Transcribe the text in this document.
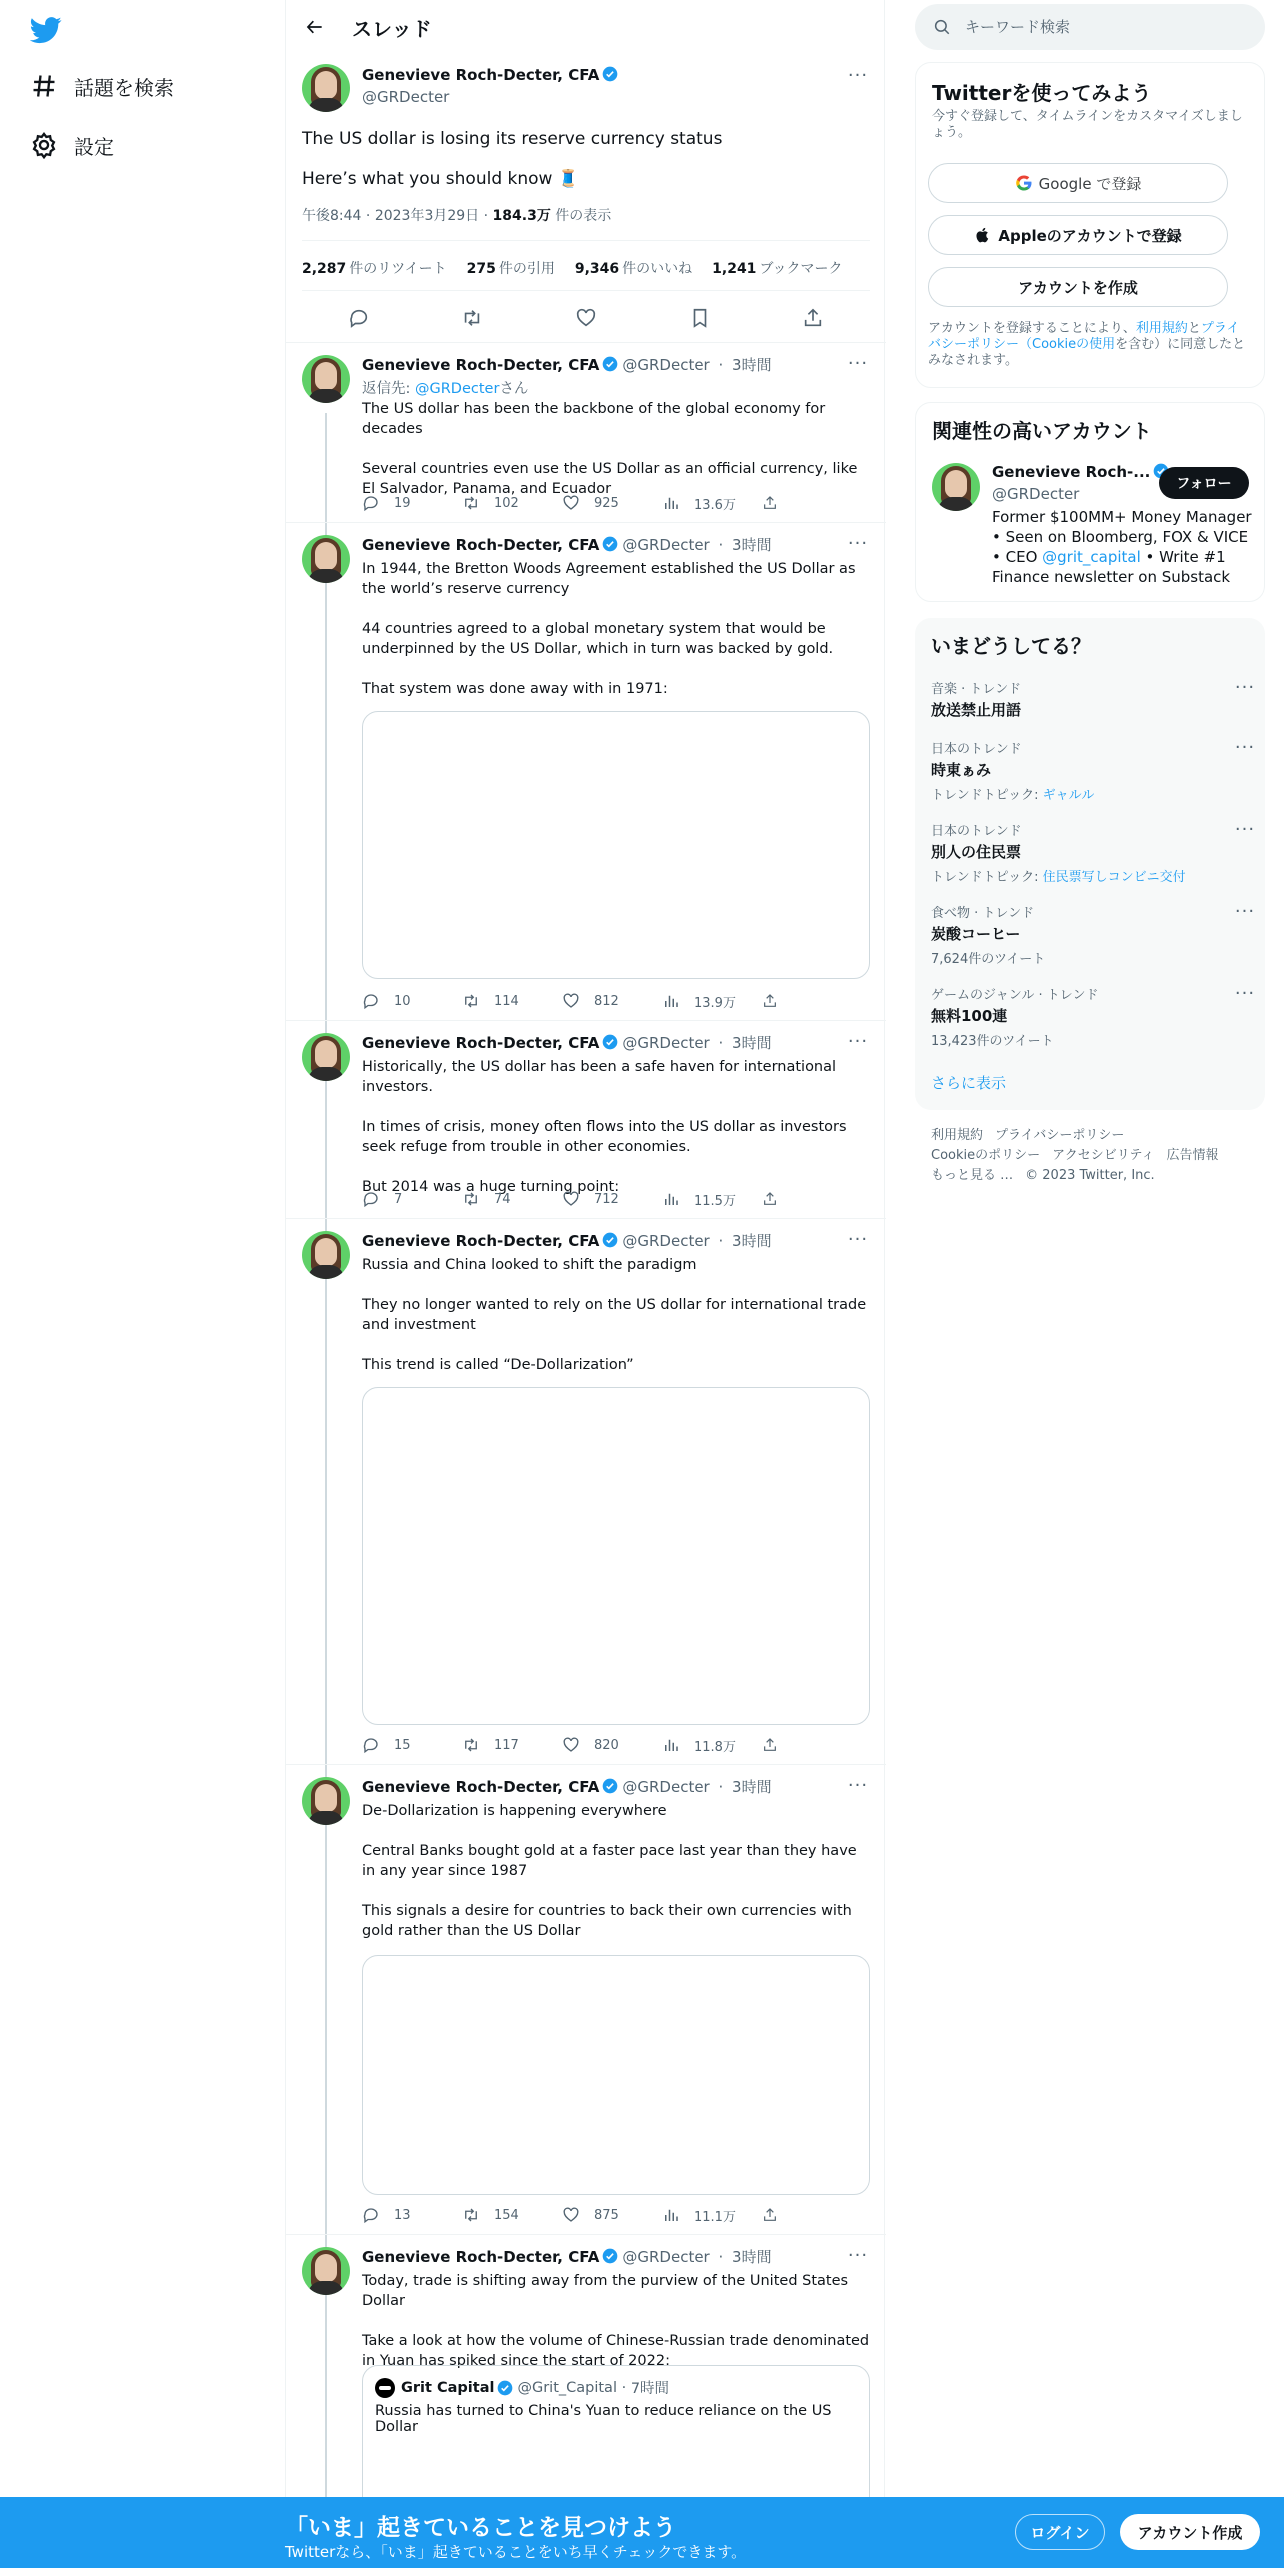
話題を検索
設定
スレッド
Genevieve Roch-Decter, CFA
@GRDecter
···

The US dollar is losing its reserve currency status

Here’s what you should know 🧵

午後8:44 · 2023年3月29日 · 184.3万 件の表示
2,287 件のリツイート 275 件の引用 9,346 件のいいね 1,241 ブックマーク
Genevieve Roch-Decter, CFA @GRDecter · 3時間	···
返信先: @GRDecterさん

The US dollar has been the backbone of the global economy for decades

Several countries even use the US Dollar as an official currency, like El Salvador, Panama, and Ecuador

19	102	925	13.6万
Genevieve Roch-Decter, CFA @GRDecter · 3時間	···

In 1944, the Bretton Woods Agreement established the US Dollar as the world’s reserve currency

44 countries agreed to a global monetary system that would be underpinned by the US Dollar, which in turn was backed by gold.

That system was done away with in 1971:

10	114	812	13.9万
Genevieve Roch-Decter, CFA @GRDecter · 3時間	···

Historically, the US dollar has been a safe haven for international investors.

In times of crisis, money often flows into the US dollar as investors seek refuge from trouble in other economies.

But 2014 was a huge turning point:

7	74	712	11.5万
Genevieve Roch-Decter, CFA @GRDecter · 3時間	···

Russia and China looked to shift the paradigm

They no longer wanted to rely on the US dollar for international trade and investment

This trend is called “De-Dollarization”

15	117	820	11.8万
Genevieve Roch-Decter, CFA @GRDecter · 3時間	···

De-Dollarization is happening everywhere

Central Banks bought gold at a faster pace last year than they have in any year since 1987

This signals a desire for countries to back their own currencies with gold rather than the US Dollar

13	154	875	11.1万
Genevieve Roch-Decter, CFA @GRDecter · 3時間	···

Today, trade is shifting away from the purview of the United States Dollar

Take a look at how the volume of Chinese-Russian trade denominated in Yuan has spiked since the start of 2022:

Grit Capital @Grit_Capital · 7時間
Russia has turned to China's Yuan to reduce reliance on the US Dollar
キーワード検索
Twitterを使ってみよう
今すぐ登録して、タイムラインをカスタマイズしましょう。
Google で登録
Appleのアカウントで登録
アカウントを作成
アカウントを登録することにより、利用規約とプライバシーポリシー（Cookieの使用を含む）に同意したとみなされます。
関連性の高いアカウント
Genevieve Roch-...
@GRDecter
フォロー
Former $100MM+ Money Manager • Seen on Bloomberg, FOX & VICE • CEO @grit_capital • Write #1 Finance newsletter on Substack
いまどうしてる？
音楽 · トレンド
放送禁止用語
···
日本のトレンド
時東ぁみ
トレンドトピック: ギャルル
···
日本のトレンド
別人の住民票
トレンドトピック: 住民票写しコンビニ交付
···
食べ物 · トレンド
炭酸コーヒー
7,624件のツイート
···
ゲームのジャンル · トレンド
無料100連
13,423件のツイート
···
さらに表示
利用規約 プライバシーポリシー
Cookieのポリシー アクセシビリティ 広告情報
もっと見る … © 2023 Twitter, Inc.
「いま」起きていることを見つけよう
Twitterなら、「いま」起きていることをいち早くチェックできます。
ログイン	アカウント作成
